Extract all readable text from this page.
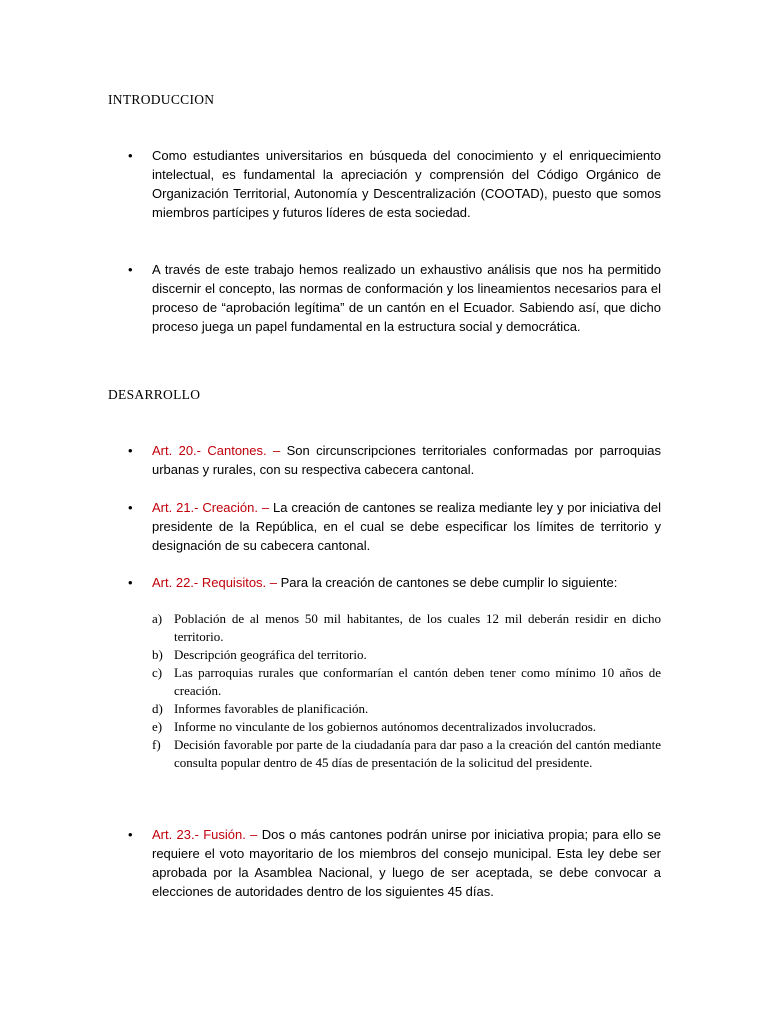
INTRODUCCION
• Como estudiantes universitarios en búsqueda del conocimiento y el enriquecimiento intelectual, es fundamental la apreciación y comprensión del Código Orgánico de Organización Territorial, Autonomía y Descentralización (COOTAD), puesto que somos miembros partícipes y futuros líderes de esta sociedad.

• A través de este trabajo hemos realizado un exhaustivo análisis que nos ha permitido discernir el concepto, las normas de conformación y los lineamientos necesarios para el proceso de “aprobación legítima” de un cantón en el Ecuador. Sabiendo así, que dicho proceso juega un papel fundamental en la estructura social y democrática.

DESARROLLO
• Art. 20.- Cantones. – Son circunscripciones territoriales conformadas por parroquias urbanas y rurales, con su respectiva cabecera cantonal.

• Art. 21.- Creación. – La creación de cantones se realiza mediante ley y por iniciativa del presidente de la República, en el cual se debe especificar los límites de territorio y designación de su cabecera cantonal.

• Art. 22.- Requisitos. – Para la creación de cantones se debe cumplir lo siguiente:

a) Población de al menos 50 mil habitantes, de los cuales 12 mil deberán residir en dicho territorio.
b) Descripción geográfica del territorio.
c) Las parroquias rurales que conformarían el cantón deben tener como mínimo 10 años de creación.
d) Informes favorables de planificación.
e) Informe no vinculante de los gobiernos autónomos decentralizados involucrados.
f) Decisión favorable por parte de la ciudadanía para dar paso a la creación del cantón mediante consulta popular dentro de 45 días de presentación de la solicitud del presidente.
• Art. 23.- Fusión. – Dos o más cantones podrán unirse por iniciativa propia; para ello se requiere el voto mayoritario de los miembros del consejo municipal. Esta ley debe ser aprobada por la Asamblea Nacional, y luego de ser aceptada, se debe convocar a elecciones de autoridades dentro de los siguientes 45 días.
